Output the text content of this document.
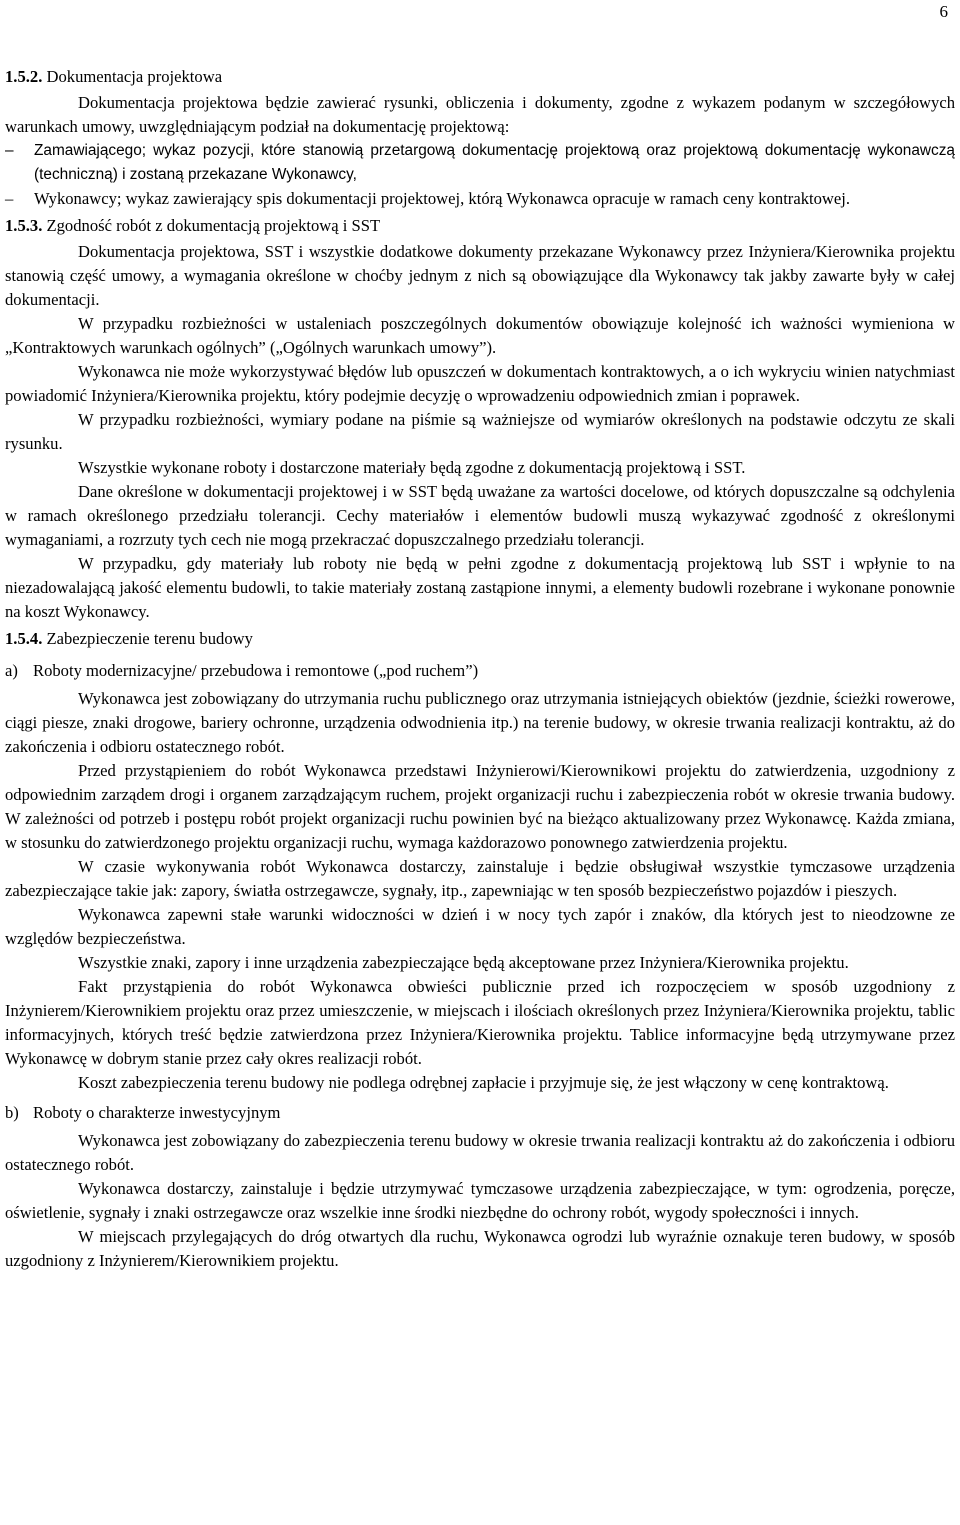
6

1.5.2. Dokumentacja projektowa

Dokumentacja projektowa będzie zawierać rysunki, obliczenia i dokumenty, zgodne z wykazem podanym w szczegółowych warunkach umowy, uwzględniającym podział na dokumentację projektową:

– Zamawiającego; wykaz pozycji, które stanowią przetargową dokumentację projektową oraz projektową dokumentację wykonawczą (techniczną) i zostaną przekazane Wykonawcy,

– Wykonawcy; wykaz zawierający spis dokumentacji projektowej, którą Wykonawca opracuje w ramach ceny kontraktowej.

1.5.3. Zgodność robót z dokumentacją projektową i SST

Dokumentacja projektowa, SST i wszystkie dodatkowe dokumenty przekazane Wykonawcy przez Inżyniera/Kierownika projektu stanowią część umowy, a wymagania określone w choćby jednym z nich są obowiązujące dla Wykonawcy tak jakby zawarte były w całej dokumentacji.

W przypadku rozbieżności w ustaleniach poszczególnych dokumentów obowiązuje kolejność ich ważności wymieniona w „Kontraktowych warunkach ogólnych” („Ogólnych warunkach umowy”).

Wykonawca nie może wykorzystywać błędów lub opuszczeń w dokumentach kontraktowych, a o ich wykryciu winien natychmiast powiadomić Inżyniera/Kierownika projektu, który podejmie decyzję o wprowadzeniu odpowiednich zmian i poprawek.

W przypadku rozbieżności, wymiary podane na piśmie są ważniejsze od wymiarów określonych na podstawie odczytu ze skali rysunku.

Wszystkie wykonane roboty i dostarczone materiały będą zgodne z dokumentacją projektową i SST.

Dane określone w dokumentacji projektowej i w SST będą uważane za wartości docelowe, od których dopuszczalne są odchylenia w ramach określonego przedziału tolerancji. Cechy materiałów i elementów budowli muszą wykazywać zgodność z określonymi wymaganiami, a rozrzuty tych cech nie mogą przekraczać dopuszczalnego przedziału tolerancji.

W przypadku, gdy materiały lub roboty nie będą w pełni zgodne z dokumentacją projektową lub SST i wpłynie to na niezadowalającą jakość elementu budowli, to takie materiały zostaną zastąpione innymi, a elementy budowli rozebrane i wykonane ponownie na koszt Wykonawcy.

1.5.4. Zabezpieczenie terenu budowy

a) Roboty modernizacyjne/ przebudowa i remontowe („pod ruchem”)

Wykonawca jest zobowiązany do utrzymania ruchu publicznego oraz utrzymania istniejących obiektów (jezdnie, ścieżki rowerowe, ciągi piesze, znaki drogowe, bariery ochronne, urządzenia odwodnienia itp.) na terenie budowy, w okresie trwania realizacji kontraktu, aż do zakończenia i odbioru ostatecznego robót.

Przed przystąpieniem do robót Wykonawca przedstawi Inżynierowi/Kierownikowi projektu do zatwierdzenia, uzgodniony z odpowiednim zarządem drogi i organem zarządzającym ruchem, projekt organizacji ruchu i zabezpieczenia robót w okresie trwania budowy. W zależności od potrzeb i postępu robót projekt organizacji ruchu powinien być na bieżąco aktualizowany przez Wykonawcę. Każda zmiana, w stosunku do zatwierdzonego projektu organizacji ruchu, wymaga każdorazowo ponownego zatwierdzenia projektu.

W czasie wykonywania robót Wykonawca dostarczy, zainstaluje i będzie obsługiwał wszystkie tymczasowe urządzenia zabezpieczające takie jak: zapory, światła ostrzegawcze, sygnały, itp., zapewniając w ten sposób bezpieczeństwo pojazdów i pieszych.

Wykonawca zapewni stałe warunki widoczności w dzień i w nocy tych zapór i znaków, dla których jest to nieodzowne ze względów bezpieczeństwa.

Wszystkie znaki, zapory i inne urządzenia zabezpieczające będą akceptowane przez Inżyniera/Kierownika projektu.

Fakt przystąpienia do robót Wykonawca obwieści publicznie przed ich rozpoczęciem w sposób uzgodniony z Inżynierem/Kierownikiem projektu oraz przez umieszczenie, w miejscach i ilościach określonych przez Inżyniera/Kierownika projektu, tablic informacyjnych, których treść będzie zatwierdzona przez Inżyniera/Kierownika projektu. Tablice informacyjne będą utrzymywane przez Wykonawcę w dobrym stanie przez cały okres realizacji robót.

Koszt zabezpieczenia terenu budowy nie podlega odrębnej zapłacie i przyjmuje się, że jest włączony w cenę kontraktową.

b) Roboty o charakterze inwestycyjnym

Wykonawca jest zobowiązany do zabezpieczenia terenu budowy w okresie trwania realizacji kontraktu aż do zakończenia i odbioru ostatecznego robót.

Wykonawca dostarczy, zainstaluje i będzie utrzymywać tymczasowe urządzenia zabezpieczające, w tym: ogrodzenia, poręcze, oświetlenie, sygnały i znaki ostrzegawcze oraz wszelkie inne środki niezbędne do ochrony robót, wygody społeczności i innych.

W miejscach przylegających do dróg otwartych dla ruchu, Wykonawca ogrodzi lub wyraźnie oznakuje teren budowy, w sposób uzgodniony z Inżynierem/Kierownikiem projektu.
